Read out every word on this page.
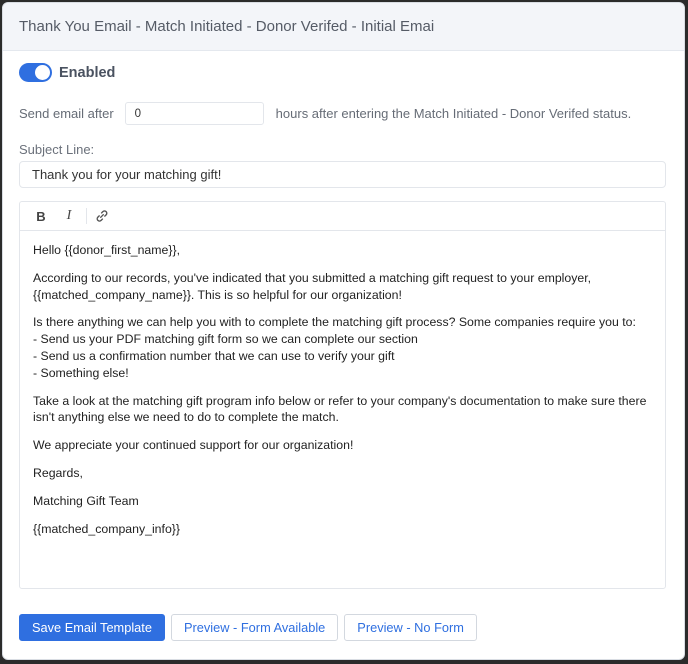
Thank You Email - Match Initiated - Donor Verifed - Initial Emai
Enabled
Send email after
0	hours after entering the Match Initiated - Donor Verifed status.
Subject Line:
Thank you for your matching gift!
B	I

Hello {{donor_first_name}},

According to our records, you've indicated that you submitted a matching gift request to your employer,
{{matched_company_name}}. This is so helpful for our organization!

Is there anything we can help you with to complete the matching gift process? Some companies require you to:
- Send us your PDF matching gift form so we can complete our section
- Send us a confirmation number that we can use to verify your gift
- Something else!

Take a look at the matching gift program info below or refer to your company's documentation to make sure there
isn't anything else we need to do to complete the match.

We appreciate your continued support for our organization!

Regards,

Matching Gift Team

{{matched_company_info}}

Save Email Template	Preview - Form Available	Preview - No Form
